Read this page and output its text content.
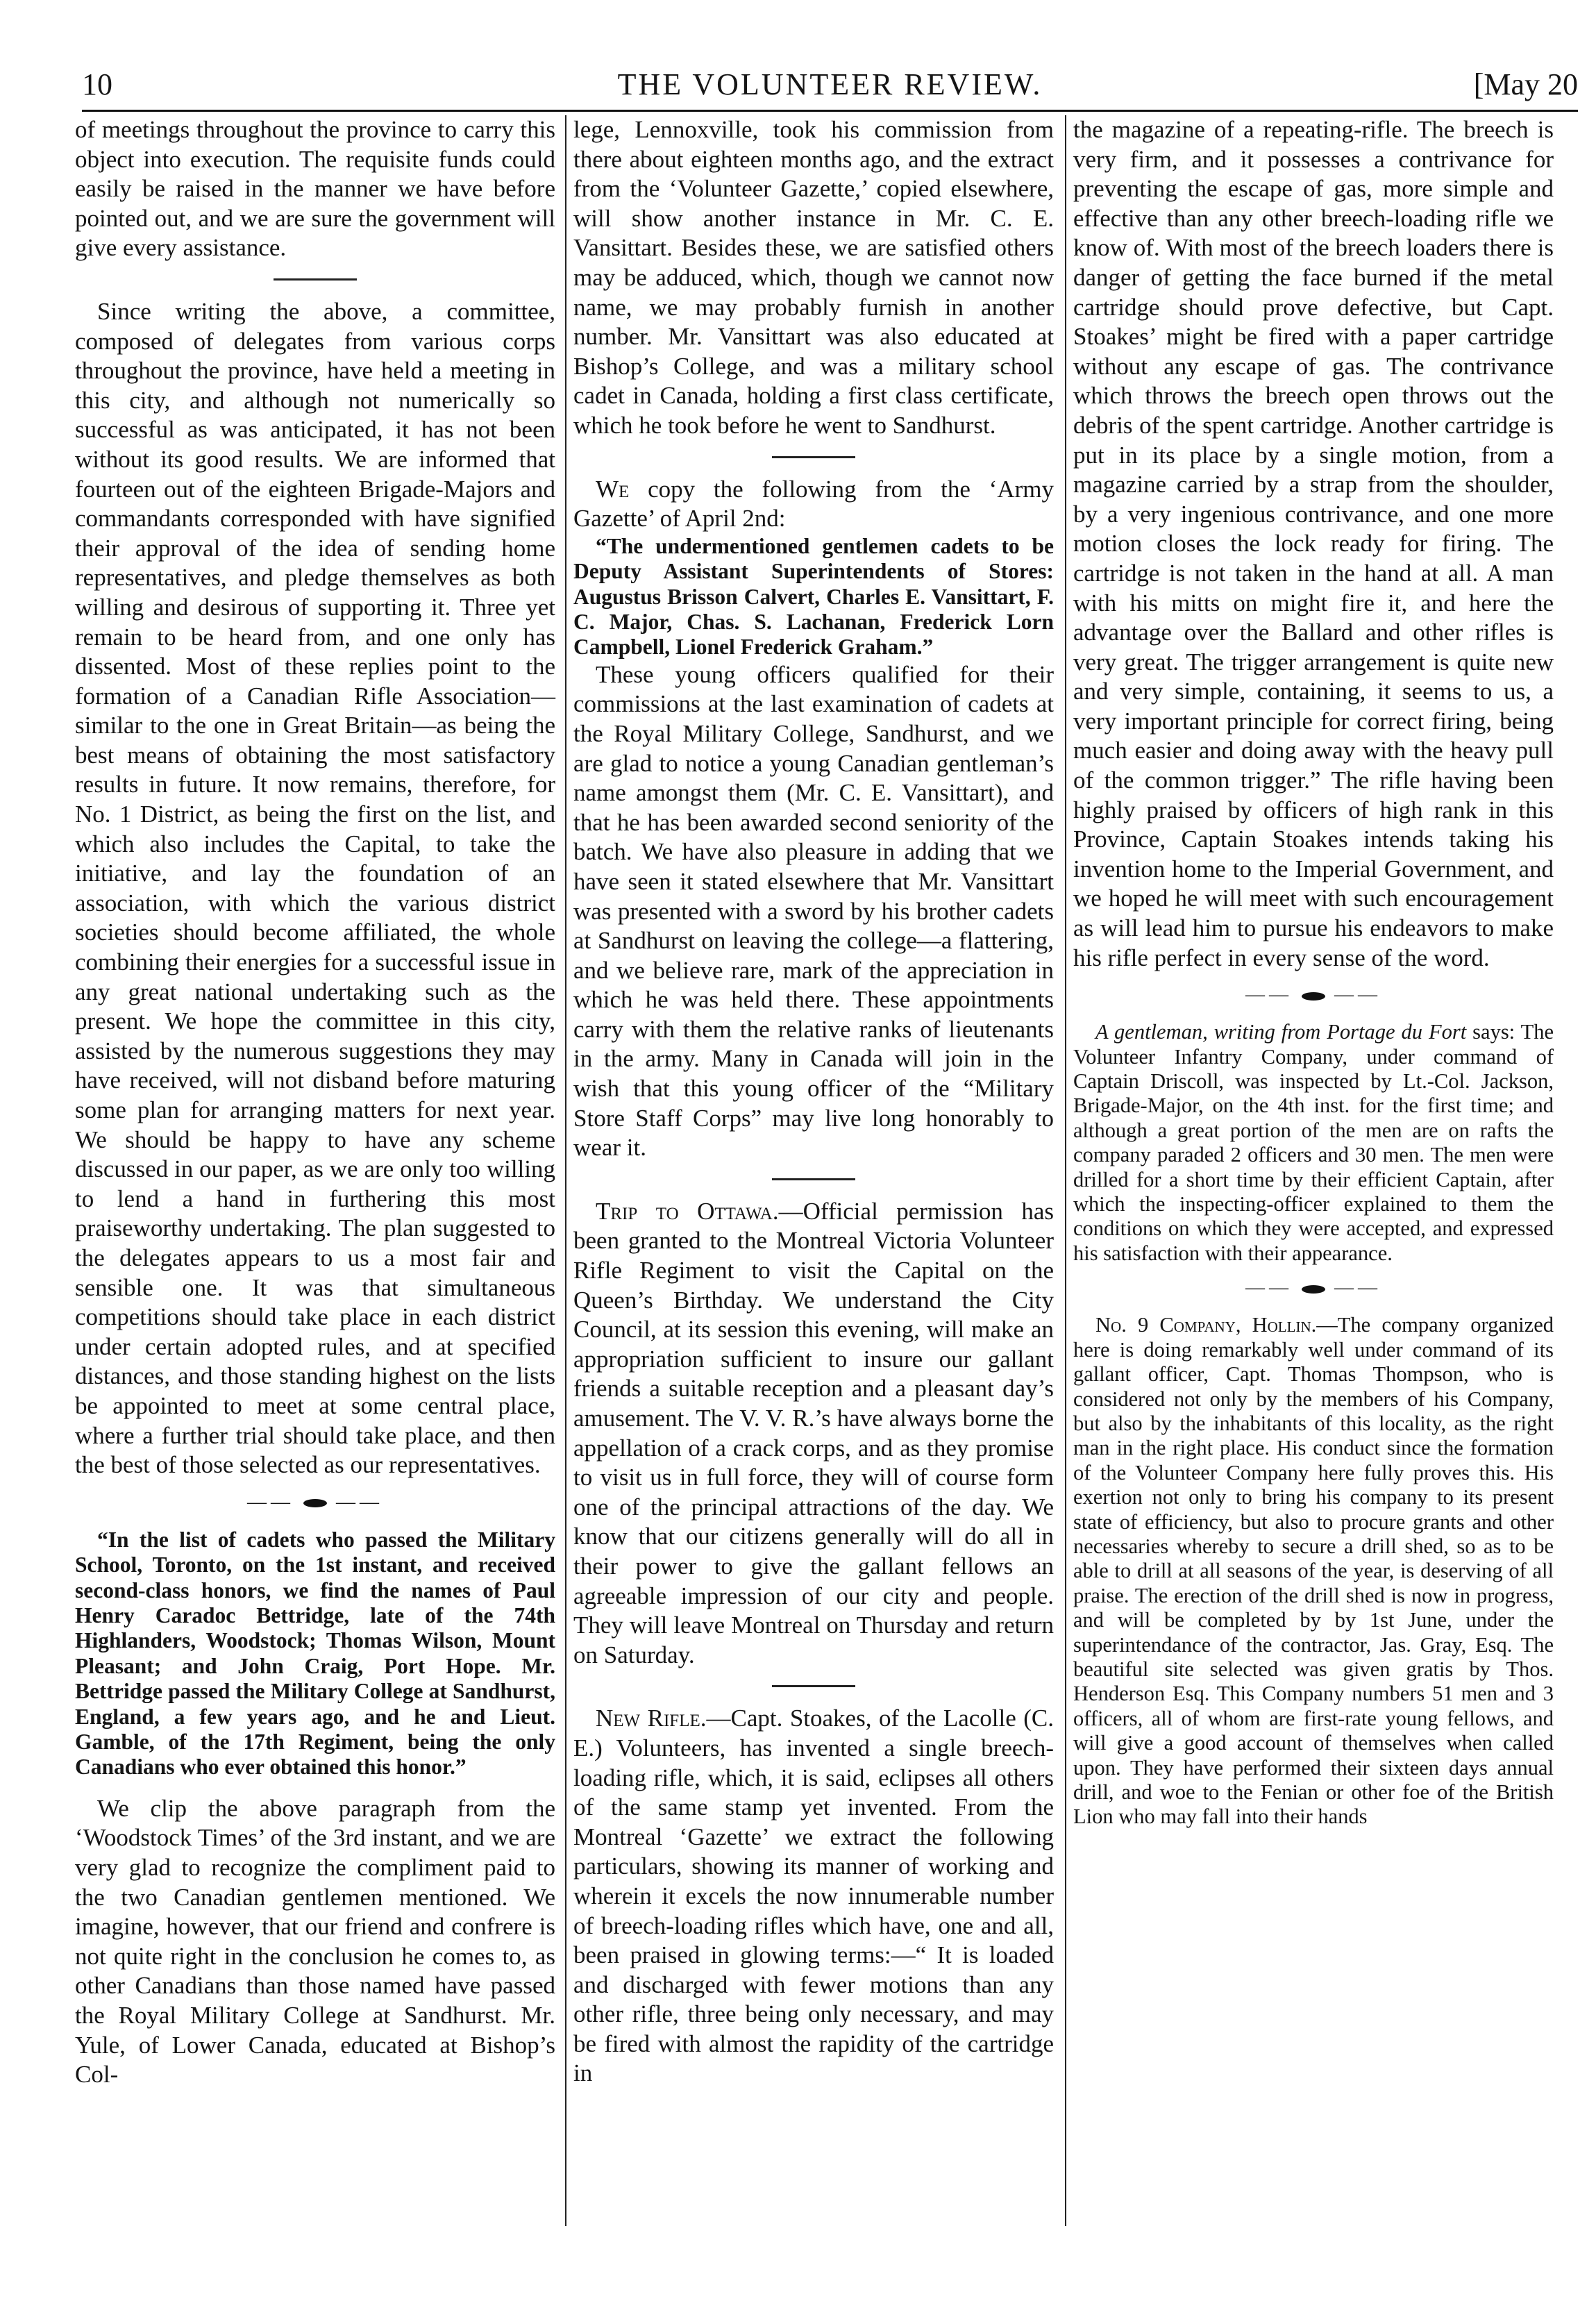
THE VOLUNTEER REVIEW.
10	[May 20

of meetings throughout the province to carry this object into execution. The requisite funds could easily be raised in the manner we have before pointed out, and we are sure the government will give every assistance.

Since writing the above, a committee, composed of delegates from various corps throughout the province, have held a meeting in this city, and although not numerically so successful as was anticipated, it has not been without its good results. We are informed that fourteen out of the eighteen Brigade-Majors and commandants corresponded with have signified their approval of the idea of sending home representatives, and pledge themselves as both willing and desirous of supporting it. Three yet remain to be heard from, and one only has dissented. Most of these replies point to the formation of a Canadian Rifle Association—similar to the one in Great Britain—as being the best means of obtaining the most satisfactory results in future. It now remains, therefore, for No. 1 District, as being the first on the list, and which also includes the Capital, to take the initiative, and lay the foundation of an association, with which the various district societies should become affiliated, the whole combining their energies for a successful issue in any great national undertaking such as the present. We hope the committee in this city, assisted by the numerous suggestions they may have received, will not disband before maturing some plan for arranging matters for next year. We should be happy to have any scheme discussed in our paper, as we are only too willing to lend a hand in furthering this most praiseworthy undertaking. The plan suggested to the delegates appears to us a most fair and sensible one. It was that simultaneous competitions should take place in each district under certain adopted rules, and at specified distances, and those standing highest on the lists be appointed to meet at some central place, where a further trial should take place, and then the best of those selected as our representatives.

——  ——

“In the list of cadets who passed the Military School, Toronto, on the 1st instant, and received second-class honors, we find the names of Paul Henry Caradoc Bettridge, late of the 74th Highlanders, Woodstock; Thomas Wilson, Mount Pleasant; and John Craig, Port Hope. Mr. Bettridge passed the Military College at Sandhurst, England, a few years ago, and he and Lieut. Gamble, of the 17th Regiment, being the only Canadians who ever obtained this honor.”

We clip the above paragraph from the ‘Woodstock Times’ of the 3rd instant, and we are very glad to recognize the compliment paid to the two Canadian gentlemen mentioned. We imagine, however, that our friend and confrere is not quite right in the conclusion he comes to, as other Canadians than those named have passed the Royal Military College at Sandhurst. Mr. Yule, of Lower Canada, educated at Bishop’s Col-

lege, Lennoxville, took his commission from there about eighteen months ago, and the extract from the ‘Volunteer Gazette,’ copied elsewhere, will show another instance in Mr. C. E. Vansittart. Besides these, we are satisfied others may be adduced, which, though we cannot now name, we may probably furnish in another number. Mr. Vansittart was also educated at Bishop’s College, and was a military school cadet in Canada, holding a first class certificate, which he took before he went to Sandhurst.

We copy the following from the ‘Army Gazette’ of April 2nd:

“The undermentioned gentlemen cadets to be Deputy Assistant Superintendents of Stores: Augustus Brisson Calvert, Charles E. Vansittart, F. C. Major, Chas. S. Lachanan, Frederick Lorn Campbell, Lionel Frederick Graham.”

These young officers qualified for their commissions at the last examination of cadets at the Royal Military College, Sandhurst, and we are glad to notice a young Canadian gentleman’s name amongst them (Mr. C. E. Vansittart), and that he has been awarded second seniority of the batch. We have also pleasure in adding that we have seen it stated elsewhere that Mr. Vansittart was presented with a sword by his brother cadets at Sandhurst on leaving the college—a flattering, and we believe rare, mark of the appreciation in which he was held there. These appointments carry with them the relative ranks of lieutenants in the army. Many in Canada will join in the wish that this young officer of the “Military Store Staff Corps” may live long honorably to wear it.

Trip to Ottawa.—Official permission has been granted to the Montreal Victoria Volunteer Rifle Regiment to visit the Capital on the Queen’s Birthday. We understand the City Council, at its session this evening, will make an appropriation sufficient to insure our gallant friends a suitable reception and a pleasant day’s amusement. The V. V. R.’s have always borne the appellation of a crack corps, and as they promise to visit us in full force, they will of course form one of the principal attractions of the day. We know that our citizens generally will do all in their power to give the gallant fellows an agreeable impression of our city and people. They will leave Montreal on Thursday and return on Saturday.

New Rifle.—Capt. Stoakes, of the Lacolle (C. E.) Volunteers, has invented a single breech-loading rifle, which, it is said, eclipses all others of the same stamp yet invented. From the Montreal ‘Gazette’ we extract the following particulars, showing its manner of working and wherein it excels the now innumerable number of breech-loading rifles which have, one and all, been praised in glowing terms:—“ It is loaded and discharged with fewer motions than any other rifle, three being only necessary, and may be fired with almost the rapidity of the cartridge in

the magazine of a repeating-rifle. The breech is very firm, and it possesses a contrivance for preventing the escape of gas, more simple and effective than any other breech-loading rifle we know of. With most of the breech loaders there is danger of getting the face burned if the metal cartridge should prove defective, but Capt. Stoakes’ might be fired with a paper cartridge without any escape of gas. The contrivance which throws the breech open throws out the debris of the spent cartridge. Another cartridge is put in its place by a single motion, from a magazine carried by a strap from the shoulder, by a very ingenious contrivance, and one more motion closes the lock ready for firing. The cartridge is not taken in the hand at all. A man with his mitts on might fire it, and here the advantage over the Ballard and other rifles is very great. The trigger arrangement is quite new and very simple, containing, it seems to us, a very important principle for correct firing, being much easier and doing away with the heavy pull of the common trigger.” The rifle having been highly praised by officers of high rank in this Province, Captain Stoakes intends taking his invention home to the Imperial Government, and we hoped he will meet with such encouragement as will lead him to pursue his endeavors to make his rifle perfect in every sense of the word.

——  ——

A gentleman, writing from Portage du Fort says: The Volunteer Infantry Company, under command of Captain Driscoll, was inspected by Lt.-Col. Jackson, Brigade-Major, on the 4th inst. for the first time; and although a great portion of the men are on rafts the company paraded 2 officers and 30 men. The men were drilled for a short time by their efficient Captain, after which the inspecting-officer explained to them the conditions on which they were accepted, and expressed his satisfaction with their appearance.

——  ——

No. 9 Company, Hollin.—The company organized here is doing remarkably well under command of its gallant officer, Capt. Thomas Thompson, who is considered not only by the members of his Company, but also by the inhabitants of this locality, as the right man in the right place. His conduct since the formation of the Volunteer Company here fully proves this. His exertion not only to bring his company to its present state of efficiency, but also to procure grants and other necessaries whereby to secure a drill shed, so as to be able to drill at all seasons of the year, is deserving of all praise. The erection of the drill shed is now in progress, and will be completed by by 1st June, under the superintendance of the contractor, Jas. Gray, Esq. The beautiful site selected was given gratis by Thos. Henderson Esq. This Company numbers 51 men and 3 officers, all of whom are first-rate young fellows, and will give a good account of themselves when called upon. They have performed their sixteen days annual drill, and woe to the Fenian or other foe of the British Lion who may fall into their hands
